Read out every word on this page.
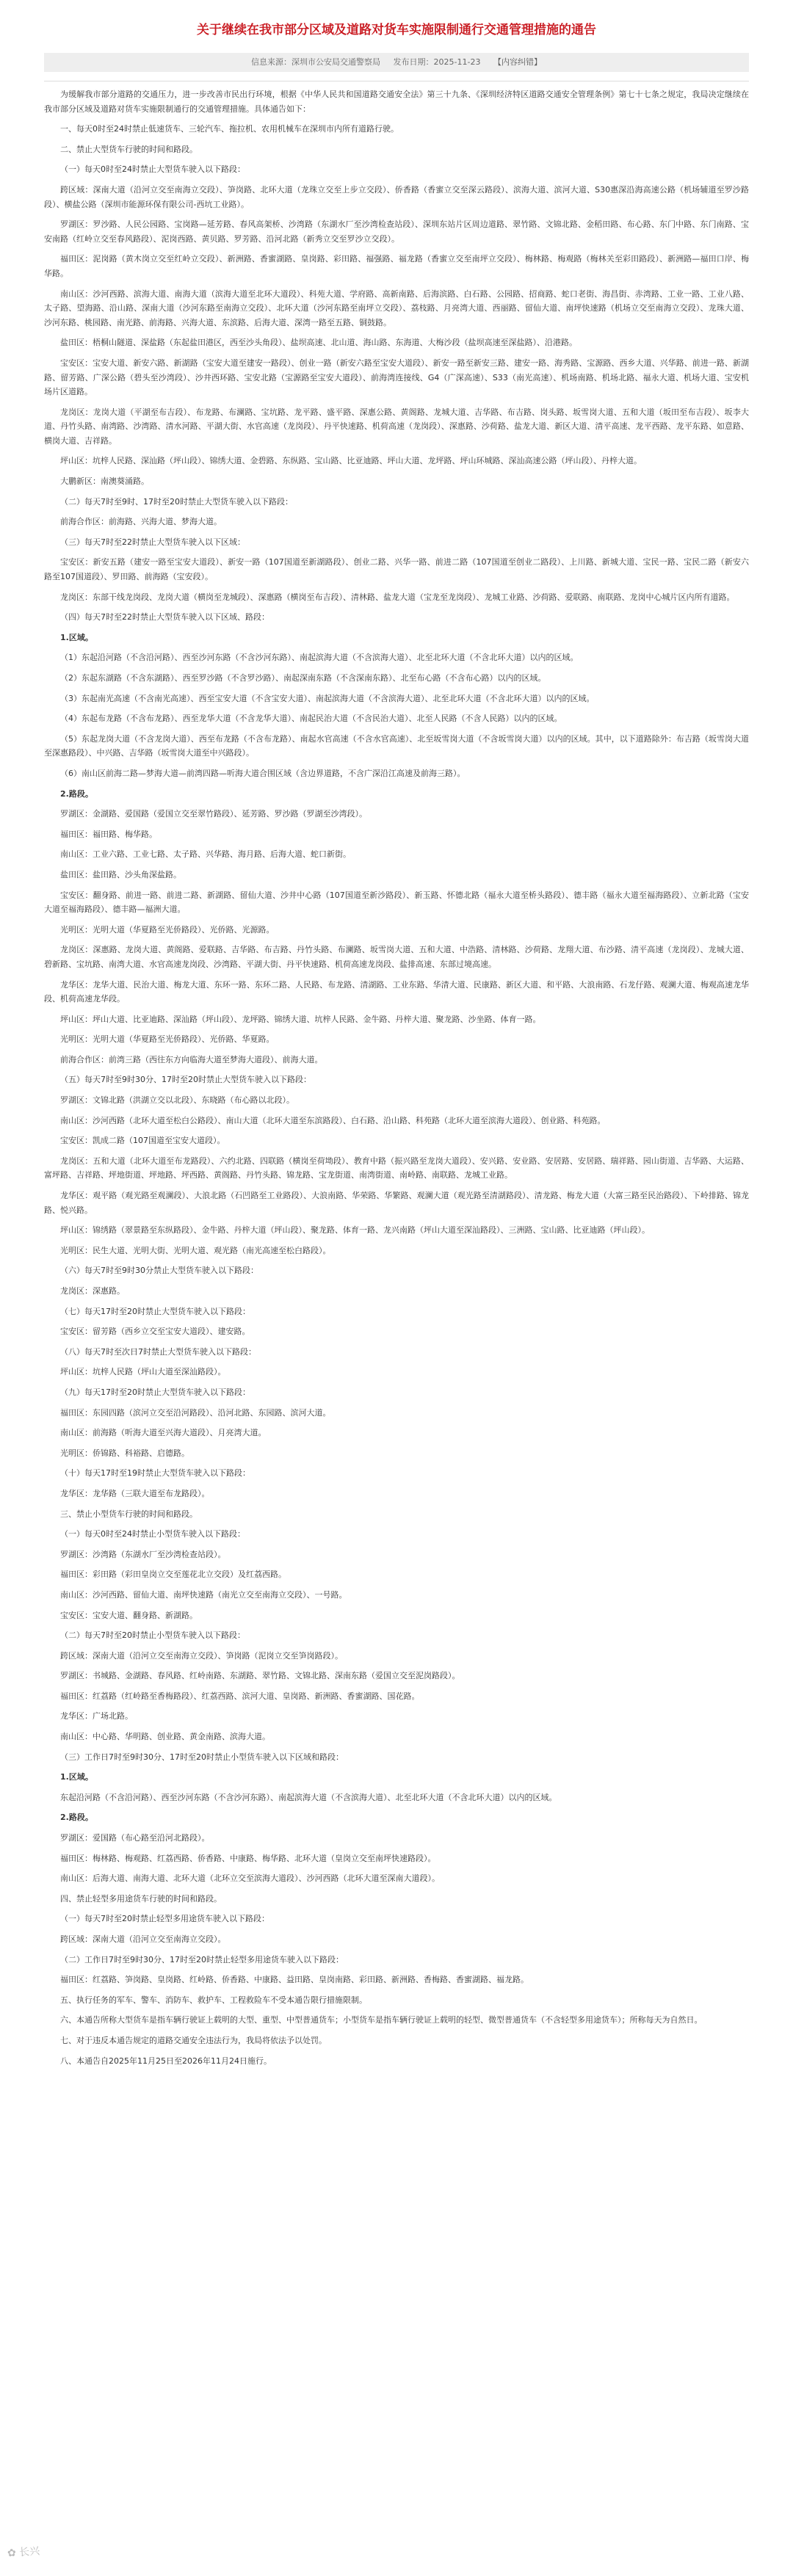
关于继续在我市部分区域及道路对货车实施限制通行交通管理措施的通告
信息来源：深圳市公安局交通警察局 发布日期：2025-11-23 【内容纠错】

为缓解我市部分道路的交通压力，进一步改善市民出行环境，根据《中华人民共和国道路交通安全法》第三十九条、《深圳经济特区道路交通安全管理条例》第七十七条之规定，我局决定继续在我市部分区域及道路对货车实施限制通行的交通管理措施。具体通告如下：

一、每天0时至24时禁止低速货车、三轮汽车、拖拉机、农用机械车在深圳市内所有道路行驶。

二、禁止大型货车行驶的时间和路段。

（一）每天0时至24时禁止大型货车驶入以下路段：

跨区域：深南大道（沿河立交至南海立交段）、笋岗路、北环大道（龙珠立交至上步立交段）、侨香路（香蜜立交至深云路段）、滨海大道、滨河大道、S30惠深沿海高速公路（机场辅道至罗沙路段）、横盐公路（深圳市能源环保有限公司-西坑工业路）。

罗湖区：罗沙路、人民公园路、宝岗路—延芳路、春风高架桥、沙湾路（东湖水厂至沙湾检查站段）、深圳东站片区周边道路、翠竹路、文锦北路、金稻田路、布心路、东门中路、东门南路、宝安南路（红岭立交至春风路段）、泥岗西路、黄贝路、罗芳路、沿河北路（新秀立交至罗沙立交段）。

福田区：泥岗路（黄木岗立交至红岭立交段）、新洲路、香蜜湖路、皇岗路、彩田路、福强路、福龙路（香蜜立交至南坪立交段）、梅林路、梅观路（梅林关至彩田路段）、新洲路—福田口岸、梅华路。

南山区：沙河西路、滨海大道、南海大道（滨海大道至北环大道段）、科苑大道、学府路、高新南路、后海滨路、白石路、公园路、招商路、蛇口老街、海昌街、赤湾路、工业一路、工业八路、太子路、望海路、沿山路、深南大道（沙河东路至南海立交段）、北环大道（沙河东路至南坪立交段）、荔枝路、月亮湾大道、西丽路、留仙大道、南坪快速路（机场立交至南海立交段）、龙珠大道、沙河东路、桃园路、南光路、前海路、兴海大道、东滨路、后海大道、深湾一路至五路、铜鼓路。

盐田区：梧桐山隧道、深盐路（东起盐田港区，西至沙头角段）、盐坝高速、北山道、海山路、东海道、大梅沙段（盐坝高速至深盐路）、沿港路。

宝安区：宝安大道、新安六路、新湖路（宝安大道至建安一路段）、创业一路（新安六路至宝安大道段）、新安一路至新安三路、建安一路、海秀路、宝源路、西乡大道、兴华路、前进一路、新湖路、留芳路、广深公路（碧头至沙湾段）、沙井西环路、宝安北路（宝源路至宝安大道段）、前海湾连接线、G4（广深高速）、S33（南光高速）、机场南路、机场北路、福永大道、机场大道、宝安机场片区道路。

龙岗区：龙岗大道（平湖至布吉段）、布龙路、布澜路、宝坑路、龙平路、盛平路、深惠公路、黄阁路、龙城大道、吉华路、布吉路、岗头路、坂雪岗大道、五和大道（坂田至布吉段）、坂李大道、丹竹头路、南湾路、沙湾路、清水河路、平湖大街、水官高速（龙岗段）、丹平快速路、机荷高速（龙岗段）、深惠路、沙荷路、盐龙大道、新区大道、清平高速、龙平西路、龙平东路、如意路、横岗大道、吉祥路。

坪山区：坑梓人民路、深汕路（坪山段）、锦绣大道、金碧路、东纵路、宝山路、比亚迪路、坪山大道、龙坪路、坪山环城路、深汕高速公路（坪山段）、丹梓大道。

大鹏新区：南澳葵涌路。

（二）每天7时至9时、17时至20时禁止大型货车驶入以下路段：

前海合作区：前海路、兴海大道、梦海大道。

（三）每天7时至22时禁止大型货车驶入以下区域：

宝安区：新安五路（建安一路至宝安大道段）、新安一路（107国道至新湖路段）、创业二路、兴华一路、前进二路（107国道至创业二路段）、上川路、新城大道、宝民一路、宝民二路（新安六路至107国道段）、罗田路、前海路（宝安段）。

龙岗区：东部干线龙岗段、龙岗大道（横岗至龙城段）、深惠路（横岗至布吉段）、清林路、盐龙大道（宝龙至龙岗段）、龙城工业路、沙荷路、爱联路、南联路、龙岗中心城片区内所有道路。

（四）每天7时至22时禁止大型货车驶入以下区域、路段：

1.区域。

（1）东起沿河路（不含沿河路）、西至沙河东路（不含沙河东路）、南起滨海大道（不含滨海大道）、北至北环大道（不含北环大道）以内的区域。

（2）东起东湖路（不含东湖路）、西至罗沙路（不含罗沙路）、南起深南东路（不含深南东路）、北至布心路（不含布心路）以内的区域。

（3）东起南光高速（不含南光高速）、西至宝安大道（不含宝安大道）、南起滨海大道（不含滨海大道）、北至北环大道（不含北环大道）以内的区域。

（4）东起布龙路（不含布龙路）、西至龙华大道（不含龙华大道）、南起民治大道（不含民治大道）、北至人民路（不含人民路）以内的区域。

（5）东起龙岗大道（不含龙岗大道）、西至布龙路（不含布龙路）、南起水官高速（不含水官高速）、北至坂雪岗大道（不含坂雪岗大道）以内的区域。其中，以下道路除外：布吉路（坂雪岗大道至深惠路段）、中兴路、吉华路（坂雪岗大道至中兴路段）。

（6）南山区前海二路—梦海大道—前湾四路—听海大道合围区域（含边界道路，不含广深沿江高速及前海三路）。

2.路段。

罗湖区：金湖路、爱国路（爱国立交至翠竹路段）、延芳路、罗沙路（罗湖至沙湾段）。

福田区：福田路、梅华路。

南山区：工业六路、工业七路、太子路、兴华路、海月路、后海大道、蛇口新街。

盐田区：盐田路、沙头角深盐路。

宝安区：翻身路、前进一路、前进二路、新湖路、留仙大道、沙井中心路（107国道至新沙路段）、新玉路、怀德北路（福永大道至桥头路段）、德丰路（福永大道至福海路段）、立新北路（宝安大道至福海路段）、德丰路—福洲大道。

光明区：光明大道（华夏路至光侨路段）、光侨路、光源路。

龙岗区：深惠路、龙岗大道、黄阁路、爱联路、吉华路、布吉路、丹竹头路、布澜路、坂雪岗大道、五和大道、中浩路、清林路、沙荷路、龙翔大道、布沙路、清平高速（龙岗段）、龙城大道、碧新路、宝坑路、南湾大道、水官高速龙岗段、沙湾路、平湖大街、丹平快速路、机荷高速龙岗段、盐排高速、东部过境高速。

龙华区：龙华大道、民治大道、梅龙大道、东环一路、东环二路、人民路、布龙路、清湖路、工业东路、华清大道、民康路、新区大道、和平路、大浪南路、石龙仔路、观澜大道、梅观高速龙华段、机荷高速龙华段。

坪山区：坪山大道、比亚迪路、深汕路（坪山段）、龙坪路、锦绣大道、坑梓人民路、金牛路、丹梓大道、聚龙路、沙坐路、体育一路。

光明区：光明大道（华夏路至光侨路段）、光侨路、华夏路。

前海合作区：前湾三路（西往东方向临海大道至梦海大道段）、前海大道。

（五）每天7时至9时30分、17时至20时禁止大型货车驶入以下路段：

罗湖区：文锦北路（洪湖立交以北段）、东晓路（布心路以北段）。

南山区：沙河西路（北环大道至松白公路段）、南山大道（北环大道至东滨路段）、白石路、沿山路、科苑路（北环大道至滨海大道段）、创业路、科苑路。

宝安区：凯成二路（107国道至宝安大道段）。

龙岗区：五和大道（北环大道至布龙路段）、六约北路、四联路（横岗至荷坳段）、教育中路（振兴路至龙岗大道段）、安兴路、安业路、安居路、安居路、瑞祥路、园山街道、吉华路、大运路、富坪路、吉祥路、坪地街道、坪地路、坪西路、黄阁路、丹竹头路、锦龙路、宝龙街道、南湾街道、南岭路、南联路、龙城工业路。

龙华区：观平路（观光路至观澜段）、大浪北路（石凹路至工业路段）、大浪南路、华荣路、华繁路、观澜大道（观光路至清湖路段）、清龙路、梅龙大道（大富三路至民治路段）、下岭排路、锦龙路、悦兴路。

坪山区：锦绣路（翠景路至东纵路段）、金牛路、丹梓大道（坪山段）、聚龙路、体育一路、龙兴南路（坪山大道至深汕路段）、三洲路、宝山路、比亚迪路（坪山段）。

光明区：民生大道、光明大街、光明大道、观光路（南光高速至松白路段）。

（六）每天7时至9时30分禁止大型货车驶入以下路段：

龙岗区：深惠路。

（七）每天17时至20时禁止大型货车驶入以下路段：

宝安区：留芳路（西乡立交至宝安大道段）、建安路。

（八）每天7时至次日7时禁止大型货车驶入以下路段：

坪山区：坑梓人民路（坪山大道至深汕路段）。

（九）每天17时至20时禁止大型货车驶入以下路段：

福田区：东园四路（滨河立交至沿河路段）、沿河北路、东园路、滨河大道。

南山区：前海路（听海大道至兴海大道段）、月亮湾大道。

光明区：侨锦路、科裕路、启德路。

（十）每天17时至19时禁止大型货车驶入以下路段：

龙华区：龙华路（三联大道至布龙路段）。

三、禁止小型货车行驶的时间和路段。

（一）每天0时至24时禁止小型货车驶入以下路段：

罗湖区：沙湾路（东湖水厂至沙湾检查站段）。

福田区：彩田路（彩田皇岗立交至莲花北立交段）及红荔西路。

南山区：沙河西路、留仙大道、南坪快速路（南光立交至南海立交段）、一号路。

宝安区：宝安大道、翻身路、新湖路。

（二）每天7时至20时禁止小型货车驶入以下路段：

跨区域：深南大道（沿河立交至南海立交段）、笋岗路（泥岗立交至笋岗路段）。

罗湖区：书城路、金湖路、春风路、红岭南路、东湖路、翠竹路、文锦北路、深南东路（爱国立交至泥岗路段）。

福田区：红荔路（红岭路至香梅路段）、红荔西路、滨河大道、皇岗路、新洲路、香蜜湖路、国花路。

龙华区：广场北路。

南山区：中心路、华明路、创业路、黄金南路、滨海大道。

（三）工作日7时至9时30分、17时至20时禁止小型货车驶入以下区域和路段：

1.区域。

东起沿河路（不含沿河路）、西至沙河东路（不含沙河东路）、南起滨海大道（不含滨海大道）、北至北环大道（不含北环大道）以内的区域。

2.路段。

罗湖区：爱国路（布心路至沿河北路段）。

福田区：梅林路、梅观路、红荔西路、侨香路、中康路、梅华路、北环大道（皇岗立交至南坪快速路段）。

南山区：后海大道、南海大道、北环大道（北环立交至滨海大道段）、沙河西路（北环大道至深南大道段）。

四、禁止轻型多用途货车行驶的时间和路段。

（一）每天7时至20时禁止轻型多用途货车驶入以下路段：

跨区域：深南大道（沿河立交至南海立交段）。

（二）工作日7时至9时30分、17时至20时禁止轻型多用途货车驶入以下路段：

福田区：红荔路、笋岗路、皇岗路、红岭路、侨香路、中康路、益田路、皇岗南路、彩田路、新洲路、香梅路、香蜜湖路、福龙路。

五、执行任务的军车、警车、消防车、救护车、工程救险车不受本通告限行措施限制。

六、本通告所称大型货车是指车辆行驶证上载明的大型、重型、中型普通货车；小型货车是指车辆行驶证上载明的轻型、微型普通货车（不含轻型多用途货车）；所称每天为自然日。

七、对于违反本通告规定的道路交通安全违法行为，我局将依法予以处罚。

八、本通告自2025年11月25日至2026年11月24日施行。

✿ 长兴
